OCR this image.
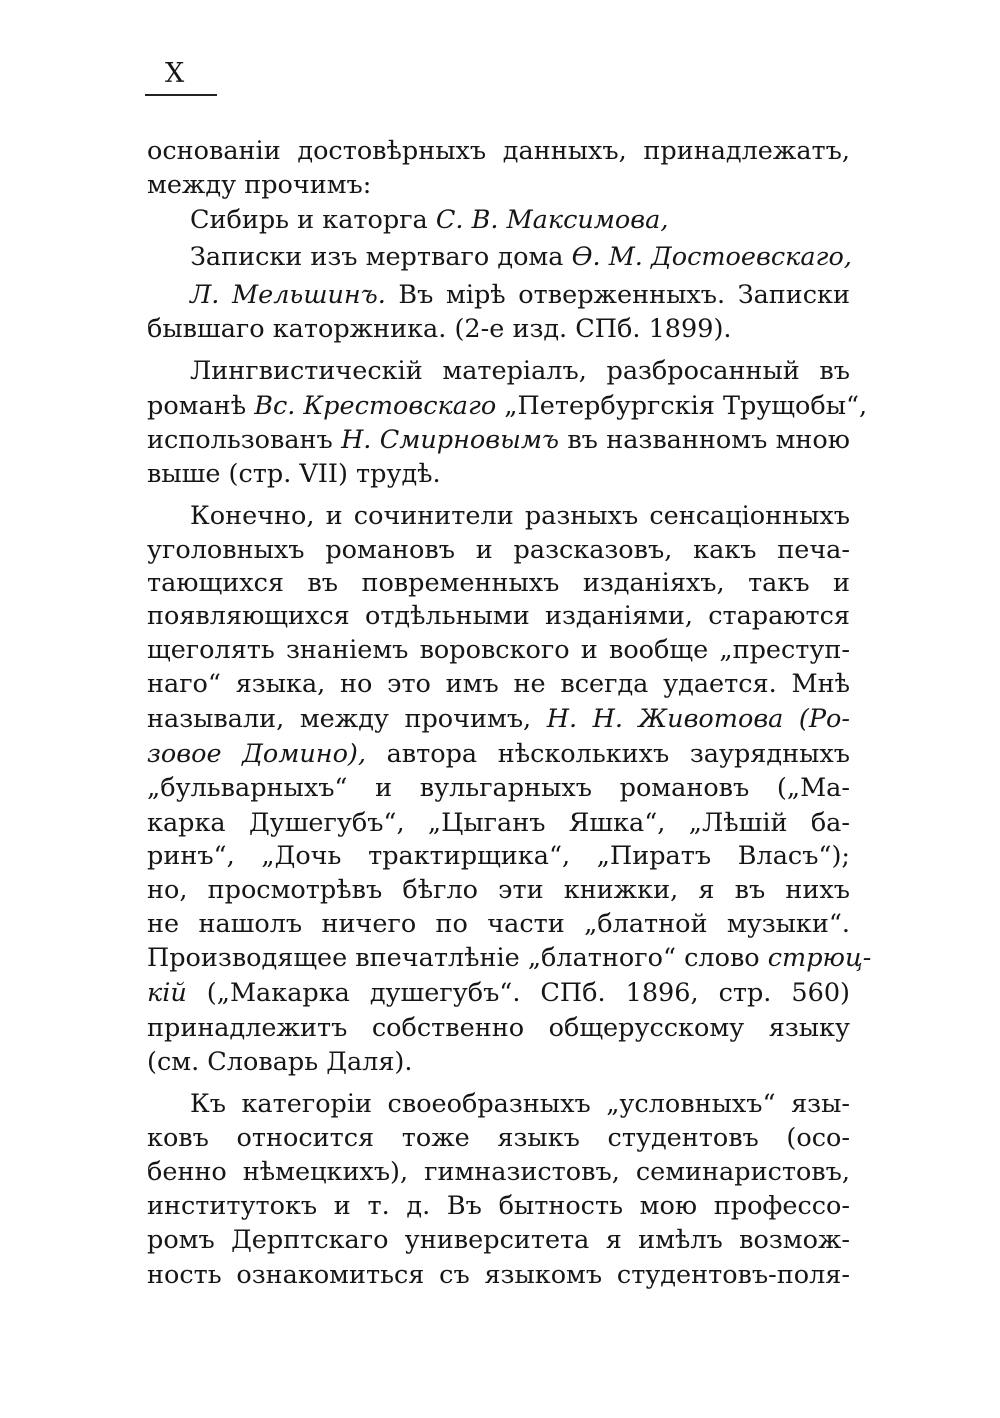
X
основаніи достовѣрныхъ данныхъ, принадлежатъ,
между прочимъ:
Сибирь и каторга С. В. Максимова,
Записки изъ мертваго дома Ѳ. М. Достоевскаго,
Л. Мельшинъ. Въ мірѣ отверженныхъ. Записки
бывшаго каторжника. (2-е изд. СПб. 1899).
Лингвистическій матеріалъ, разбросанный въ
романѣ Вс. Крестовскаго „Петербургскія Трущобы“,
использованъ Н. Смирновымъ въ названномъ мною
выше (стр. VII) трудѣ.
Конечно, и сочинители разныхъ сенсаціонныхъ
уголовныхъ романовъ и разсказовъ, какъ печа-
тающихся въ повременныхъ изданіяхъ, такъ и
появляющихся отдѣльными изданіями, стараются
щеголять знаніемъ воровского и вообще „преступ-
наго“ языка, но это имъ не всегда удается. Мнѣ
называли, между прочимъ, Н. Н. Животова (Ро-
зовое Домино), автора нѣсколькихъ заурядныхъ
„бульварныхъ“ и вульгарныхъ романовъ („Ма-
карка Душегубъ“, „Цыганъ Яшка“, „Лѣшій ба-
ринъ“, „Дочь трактирщика“, „Пиратъ Власъ“);
но, просмотрѣвъ бѣгло эти книжки, я въ нихъ
не нашолъ ничего по части „блатной музыки“.
Производящее впечатлѣніе „блатного“ слово стрюц-
кій („Макарка душегубъ“. СПб. 1896, стр. 560)
принадлежитъ собственно общерусскому языку
(см. Словарь Даля).
Къ категоріи своеобразныхъ „условныхъ“ язы-
ковъ относится тоже языкъ студентовъ (осо-
бенно нѣмецкихъ), гимназистовъ, семинаристовъ,
институтокъ и т. д. Въ бытность мою профессо-
ромъ Дерптскаго университета я имѣлъ возмож-
ность ознакомиться съ языкомъ студентовъ-поля-
